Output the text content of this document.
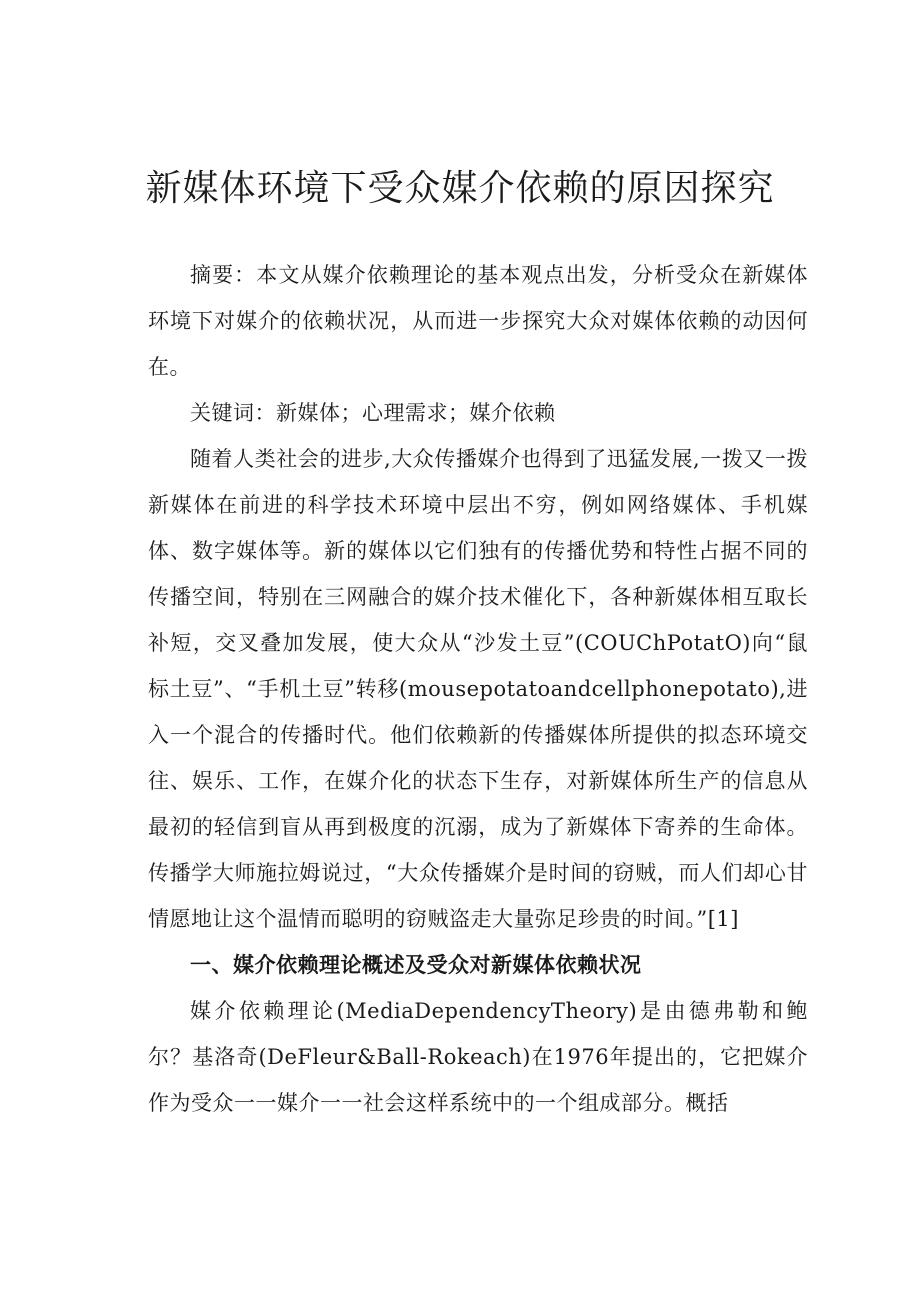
新媒体环境下受众媒介依赖的原因探究

摘要：本文从媒介依赖理论的基本观点出发，分析受众在新媒体环境下对媒介的依赖状况，从而进一步探究大众对媒体依赖的动因何在。

关键词：新媒体；心理需求；媒介依赖

随着人类社会的进步,大众传播媒介也得到了迅猛发展,一拨又一拨新媒体在前进的科学技术环境中层出不穷，例如网络媒体、手机媒体、数字媒体等。新的媒体以它们独有的传播优势和特性占据不同的传播空间，特别在三网融合的媒介技术催化下，各种新媒体相互取长补短，交叉叠加发展，使大众从“沙发土豆”(COUChPotatO)向“鼠标土豆”、“手机土豆”转移(mousepotatoandcellphonepotato),进入一个混合的传播时代。他们依赖新的传播媒体所提供的拟态环境交往、娱乐、工作，在媒介化的状态下生存，对新媒体所生产的信息从最初的轻信到盲从再到极度的沉溺，成为了新媒体下寄养的生命体。传播学大师施拉姆说过，“大众传播媒介是时间的窃贼，而人们却心甘情愿地让这个温情而聪明的窃贼盗走大量弥足珍贵的时间。”[1]

一、媒介依赖理论概述及受众对新媒体依赖状况

媒介依赖理论(MediaDependencyTheory)是由德弗勒和鲍尔？基洛奇(DeFleur&Ball-Rokeach)在1976年提出的，它把媒介作为受众一一媒介一一社会这样系统中的一个组成部分。概括
